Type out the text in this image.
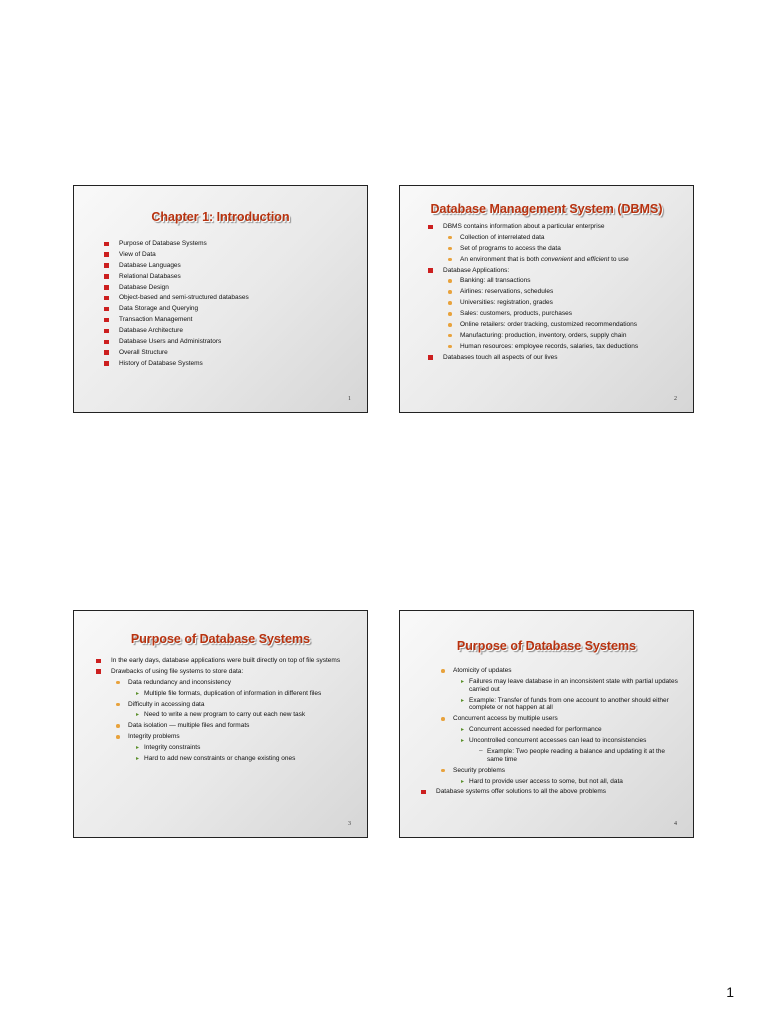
Chapter 1: Introduction
Purpose of Database Systems
View of Data
Database Languages
Relational Databases
Database Design
Object-based and semi-structured databases
Data Storage and Querying
Transaction Management
Database Architecture
Database Users and Administrators
Overall Structure
History of Database Systems
1
Database Management System (DBMS)
DBMS contains information about a particular enterprise
Collection of interrelated data
Set of programs to access the data
An environment that is both convenient and efficient to use
Database Applications:
Banking: all transactions
Airlines: reservations, schedules
Universities: registration, grades
Sales: customers, products, purchases
Online retailers: order tracking, customized recommendations
Manufacturing: production, inventory, orders, supply chain
Human resources: employee records, salaries, tax deductions
Databases touch all aspects of our lives
2
Purpose of Database Systems
In the early days, database applications were built directly on top of file systems
Drawbacks of using file systems to store data:
Data redundancy and inconsistency
▸ Multiple file formats, duplication of information in different files
Difficulty in accessing data
▸ Need to write a new program to carry out each new task
Data isolation — multiple files and formats
Integrity problems
▸ Integrity constraints
▸ Hard to add new constraints or change existing ones
3
Purpose of Database Systems
Atomicity of updates
▸ Failures may leave database in an inconsistent state with partial updates carried out
▸ Example: Transfer of funds from one account to another should either complete or not happen at all
Concurrent access by multiple users
▸ Concurrent accessed needed for performance
▸ Uncontrolled concurrent accesses can lead to inconsistencies
– Example: Two people reading a balance and updating it at the same time
Security problems
▸ Hard to provide user access to some, but not all, data
Database systems offer solutions to all the above problems
4
1
